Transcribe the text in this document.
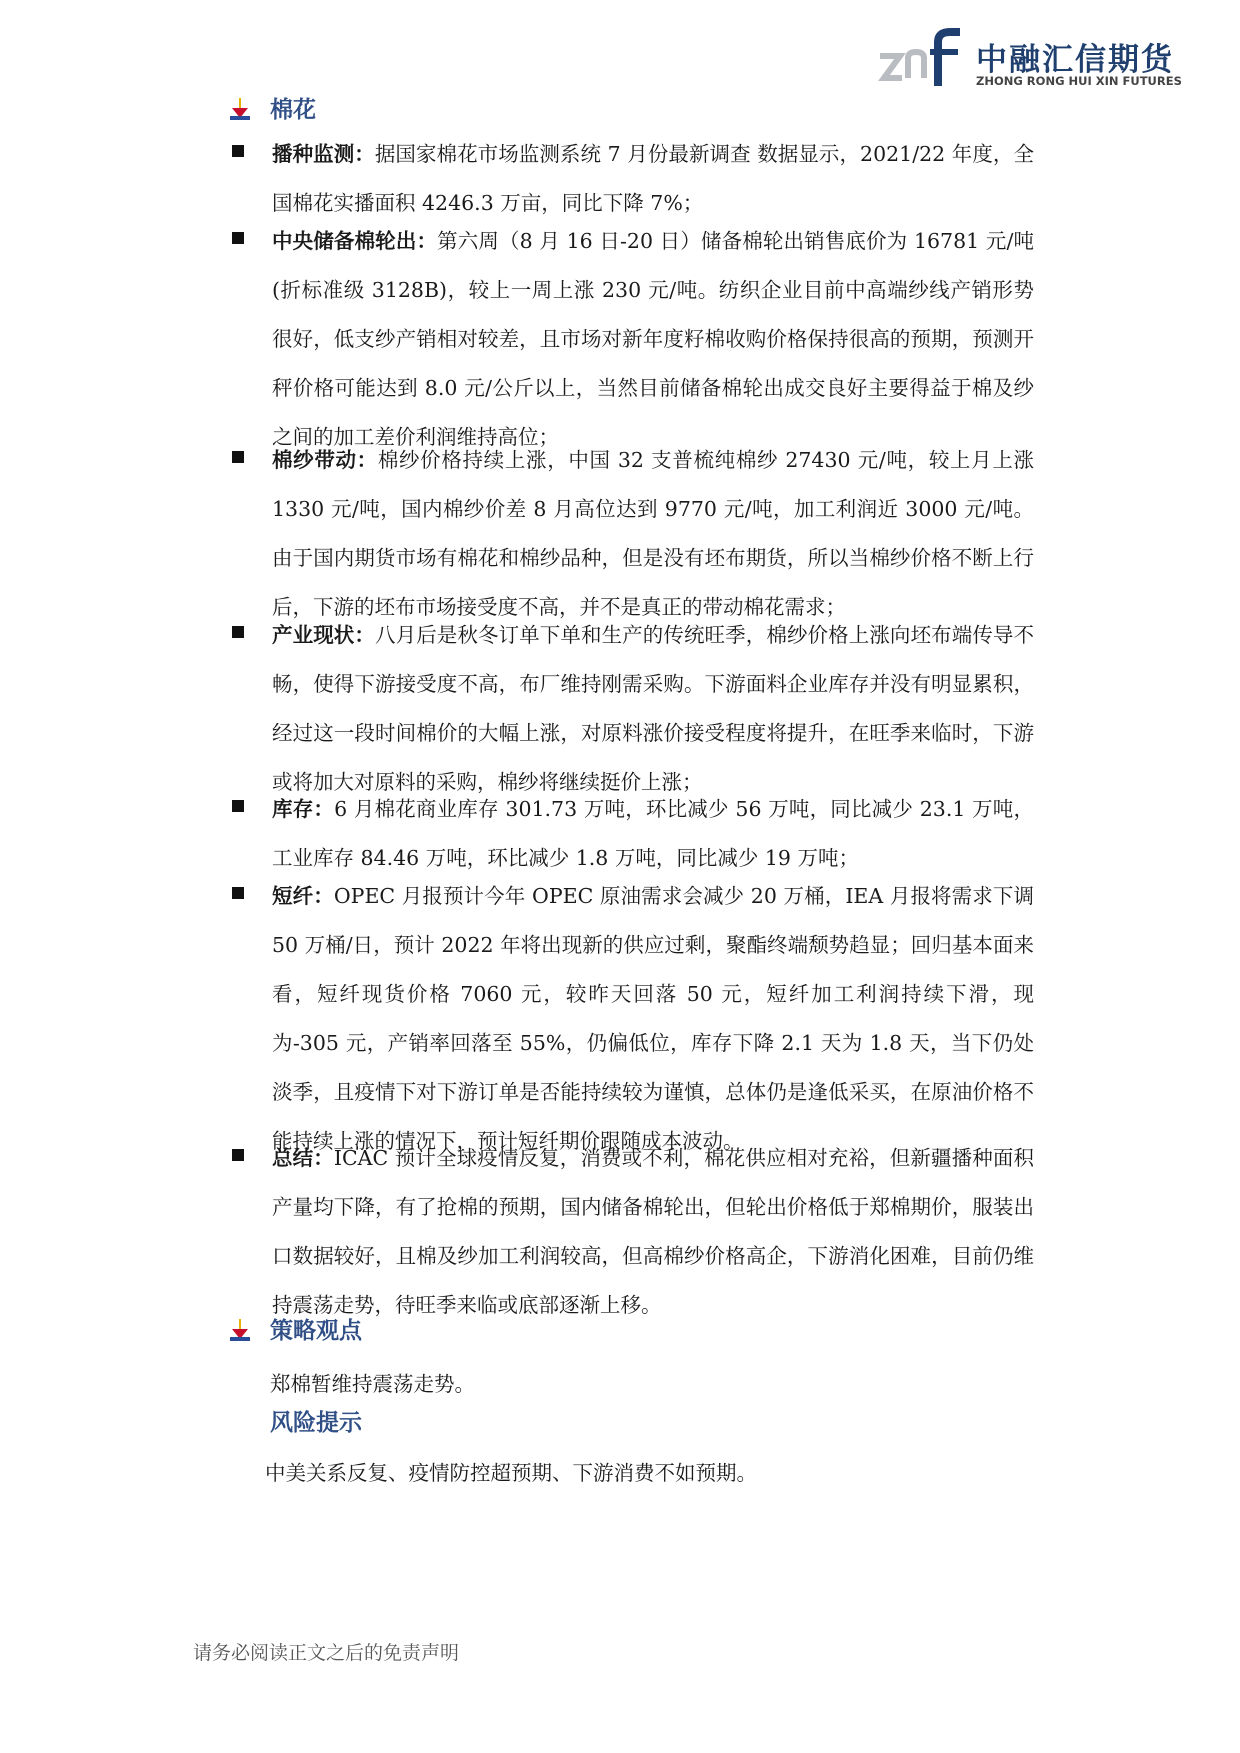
中融汇信期货
ZHONG RONG HUI XIN FUTURES
棉花
播种监测：据国家棉花市场监测系统 7 月份最新调查 数据显示，2021/22 年度，全国棉花实播面积 4246.3 万亩，同比下降 7%；
中央储备棉轮出：第六周（8 月 16 日-20 日）储备棉轮出销售底价为 16781 元/吨(折标准级 3128B)，较上一周上涨 230 元/吨。纺织企业目前中高端纱线产销形势很好，低支纱产销相对较差，且市场对新年度籽棉收购价格保持很高的预期，预测开秤价格可能达到 8.0 元/公斤以上，当然目前储备棉轮出成交良好主要得益于棉及纱之间的加工差价利润维持高位；
棉纱带动：棉纱价格持续上涨，中国 32 支普梳纯棉纱 27430 元/吨，较上月上涨 1330 元/吨，国内棉纱价差 8 月高位达到 9770 元/吨，加工利润近 3000 元/吨。由于国内期货市场有棉花和棉纱品种，但是没有坯布期货，所以当棉纱价格不断上行后，下游的坯布市场接受度不高，并不是真正的带动棉花需求；
产业现状：八月后是秋冬订单下单和生产的传统旺季，棉纱价格上涨向坯布端传导不畅，使得下游接受度不高，布厂维持刚需采购。下游面料企业库存并没有明显累积，经过这一段时间棉价的大幅上涨，对原料涨价接受程度将提升，在旺季来临时，下游或将加大对原料的采购，棉纱将继续挺价上涨；
库存：6 月棉花商业库存 301.73 万吨，环比减少 56 万吨，同比减少 23.1 万吨，工业库存 84.46 万吨，环比减少 1.8 万吨，同比减少 19 万吨；
短纤：OPEC 月报预计今年 OPEC 原油需求会减少 20 万桶，IEA 月报将需求下调 50 万桶/日，预计 2022 年将出现新的供应过剩，聚酯终端颓势趋显；回归基本面来看，短纤现货价格 7060 元，较昨天回落 50 元，短纤加工利润持续下滑，现为-305 元，产销率回落至 55%，仍偏低位，库存下降 2.1 天为 1.8 天，当下仍处淡季，且疫情下对下游订单是否能持续较为谨慎，总体仍是逢低采买，在原油价格不能持续上涨的情况下，预计短纤期价跟随成本波动。
总结：ICAC 预计全球疫情反复，消费或不利，棉花供应相对充裕，但新疆播种面积产量均下降，有了抢棉的预期，国内储备棉轮出，但轮出价格低于郑棉期价，服装出口数据较好，且棉及纱加工利润较高，但高棉纱价格高企，下游消化困难，目前仍维持震荡走势，待旺季来临或底部逐渐上移。
策略观点
郑棉暂维持震荡走势。
风险提示
中美关系反复、疫情防控超预期、下游消费不如预期。
请务必阅读正文之后的免责声明
